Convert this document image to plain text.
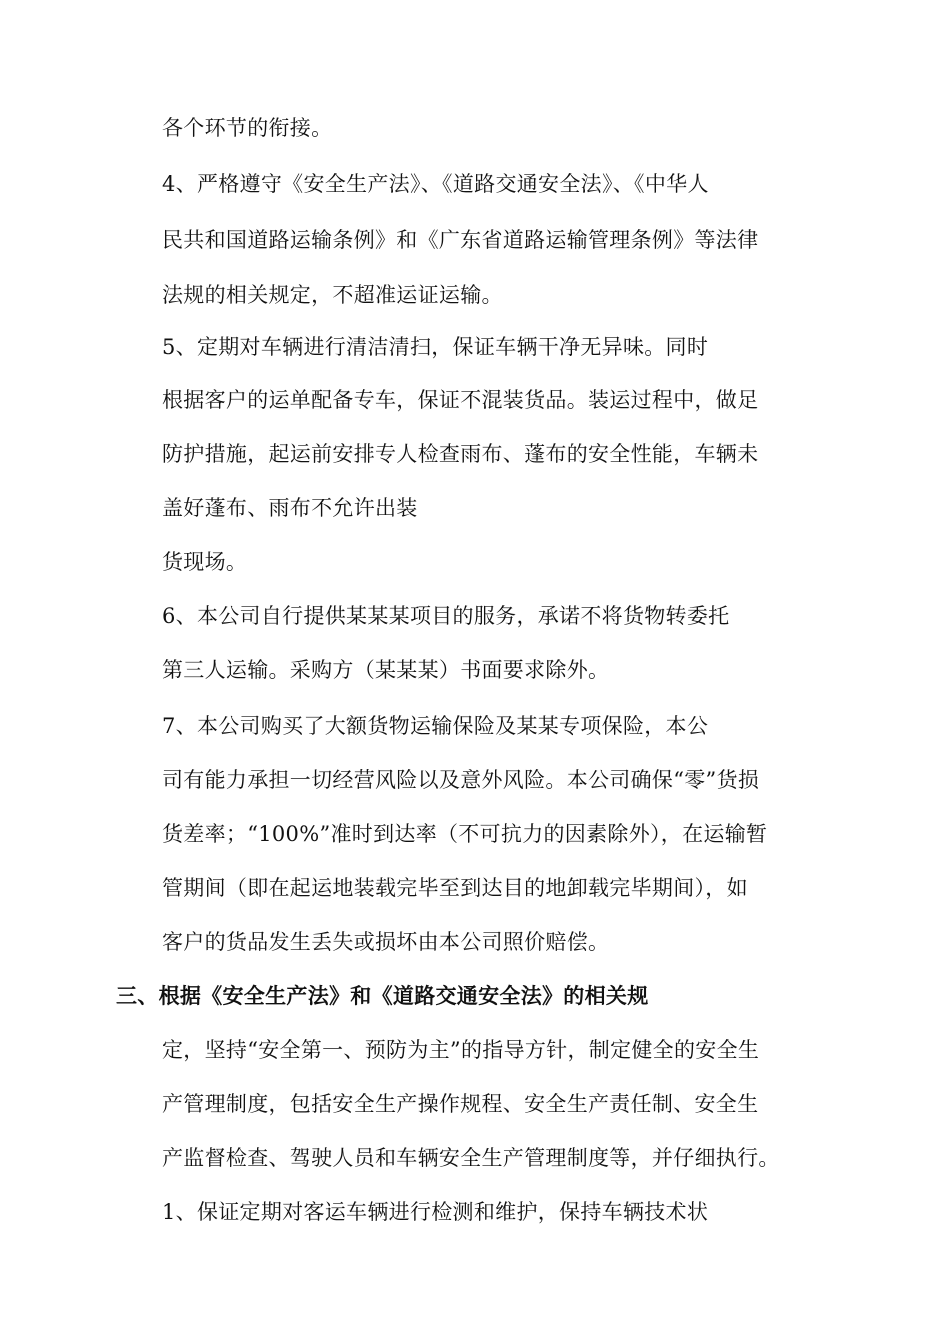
各个环节的衔接。
4、严格遵守《安全生产法》、《道路交通安全法》、《中华人
民共和国道路运输条例》和《广东省道路运输管理条例》等法律
法规的相关规定，不超准运证运输。
5、定期对车辆进行清洁清扫，保证车辆干净无异味。同时
根据客户的运单配备专车，保证不混装货品。装运过程中，做足
防护措施，起运前安排专人检查雨布、蓬布的安全性能，车辆未
盖好蓬布、雨布不允许出装
货现场。
6、本公司自行提供某某某项目的服务，承诺不将货物转委托
第三人运输。采购方（某某某）书面要求除外。
7、本公司购买了大额货物运输保险及某某专项保险，本公
司有能力承担一切经营风险以及意外风险。本公司确保“零”货损
货差率；“100%”准时到达率（不可抗力的因素除外），在运输暂
管期间（即在起运地装载完毕至到达目的地卸载完毕期间），如
客户的货品发生丢失或损坏由本公司照价赔偿。
三、根据《安全生产法》和《道路交通安全法》的相关规
定，坚持“安全第一、预防为主”的指导方针，制定健全的安全生
产管理制度，包括安全生产操作规程、安全生产责任制、安全生
产监督检查、驾驶人员和车辆安全生产管理制度等，并仔细执行。
1、保证定期对客运车辆进行检测和维护，保持车辆技术状
